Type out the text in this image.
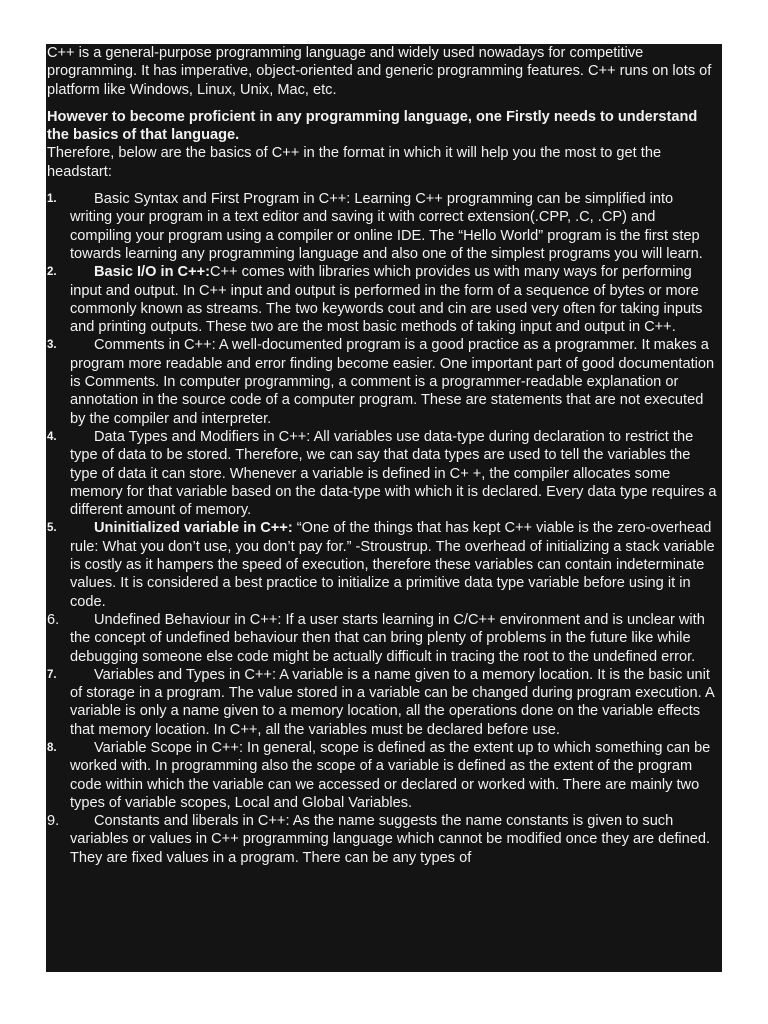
C++ is a general-purpose programming language and widely used nowadays for competitive programming. It has imperative, object-oriented and generic programming features. C++ runs on lots of platform like Windows, Linux, Unix, Mac, etc.

However to become proficient in any programming language, one Firstly needs to understand the basics of that language.

Therefore, below are the basics of C++ in the format in which it will help you the most to get the headstart:

1.	Basic Syntax and First Program in C++: Learning C++ programming can be simplified into writing your program in a text editor and saving it with correct extension(.CPP, .C, .CP) and compiling your program using a compiler or online IDE. The “Hello World” program is the first step towards learning any programming language and also one of the simplest programs you will learn.
2.	Basic I/O in C++:C++ comes with libraries which provides us with many ways for performing input and output. In C++ input and output is performed in the form of a sequence of bytes or more commonly known as streams. The two keywords cout and cin are used very often for taking inputs and printing outputs. These two are the most basic methods of taking input and output in C++.
3.	Comments in C++: A well-documented program is a good practice as a programmer. It makes a program more readable and error finding become easier. One important part of good documentation is Comments. In computer programming, a comment is a programmer-readable explanation or annotation in the source code of a computer program. These are statements that are not executed by the compiler and interpreter.
4.	Data Types and Modifiers in C++: All variables use data-type during declaration to restrict the type of data to be stored. Therefore, we can say that data types are used to tell the variables the type of data it can store. Whenever a variable is defined in C+ +, the compiler allocates some memory for that variable based on the data-type with which it is declared. Every data type requires a different amount of memory.
5.	Uninitialized variable in C++: “One of the things that has kept C++ viable is the zero-overhead rule: What you don’t use, you don’t pay for.” -Stroustrup. The overhead of initializing a stack variable is costly as it hampers the speed of execution, therefore these variables can contain indeterminate values. It is considered a best practice to initialize a primitive data type variable before using it in code.
6. Undefined Behaviour in C++: If a user starts learning in C/C++ environment and is unclear with the concept of undefined behaviour then that can bring plenty of problems in the future like while debugging someone else code might be actually difficult in tracing the root to the undefined error.
7.	Variables and Types in C++: A variable is a name given to a memory location. It is the basic unit of storage in a program. The value stored in a variable can be changed during program execution. A variable is only a name given to a memory location, all the operations done on the variable effects that memory location. In C++, all the variables must be declared before use.
8.	Variable Scope in C++: In general, scope is defined as the extent up to which something can be worked with. In programming also the scope of a variable is defined as the extent of the program code within which the variable can we accessed or declared or worked with. There are mainly two types of variable scopes, Local and Global Variables.
9. Constants and liberals in C++: As the name suggests the name constants is given to such variables or values in C++ programming language which cannot be modified once they are defined. They are fixed values in a program. There can be any types of
